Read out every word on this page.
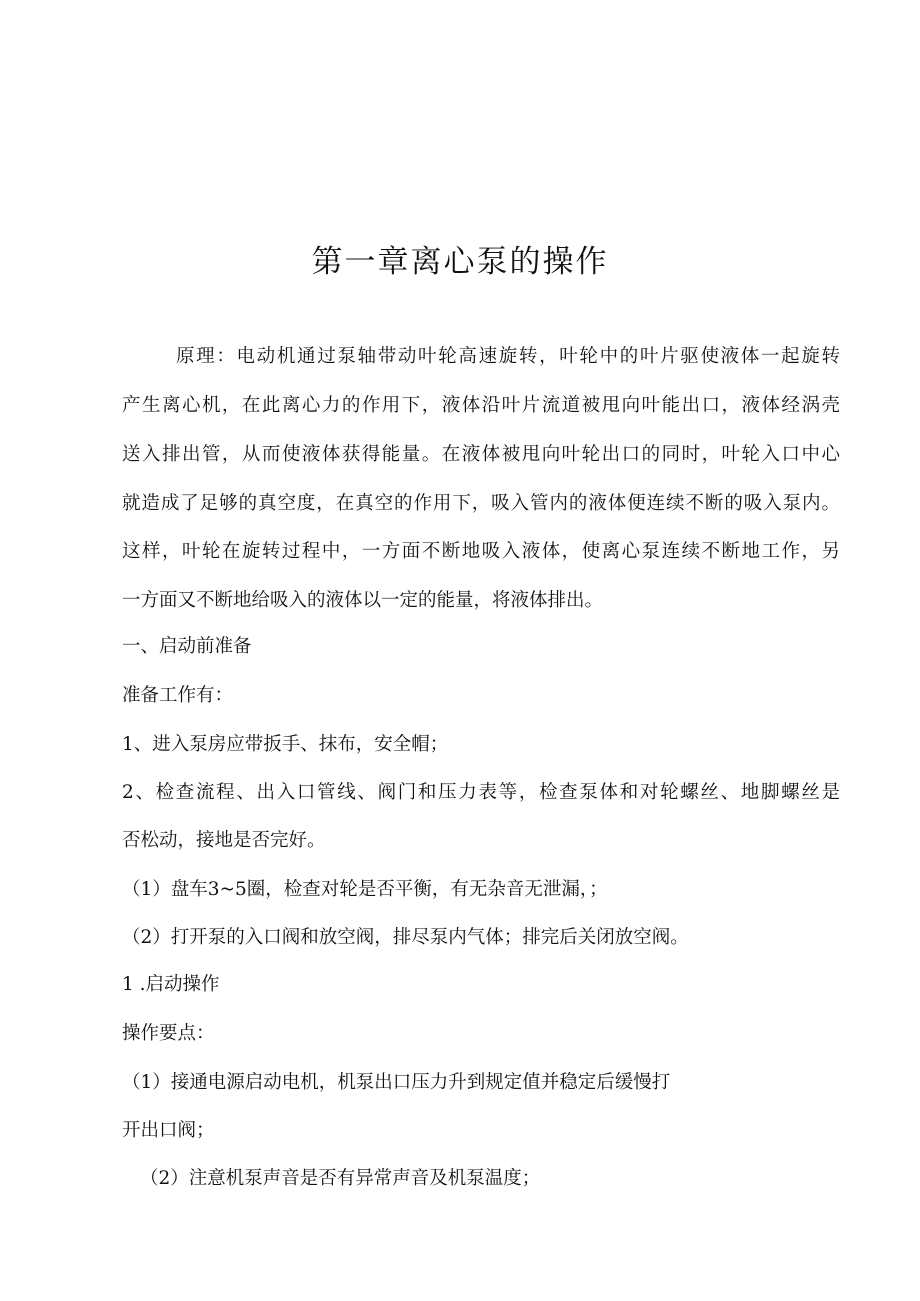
第一章离心泵的操作

原理：电动机通过泵轴带动叶轮高速旋转，叶轮中的叶片驱使液体一起旋转

产生离心机，在此离心力的作用下，液体沿叶片流道被甩向叶能出口，液体经涡壳

送入排出管，从而使液体获得能量。在液体被甩向叶轮出口的同时，叶轮入口中心

就造成了足够的真空度，在真空的作用下，吸入管内的液体便连续不断的吸入泵内。

这样，叶轮在旋转过程中，一方面不断地吸入液体，使离心泵连续不断地工作，另

一方面又不断地给吸入的液体以一定的能量，将液体排出。

一、启动前准备

准备工作有：

1、进入泵房应带扳手、抹布，安全帽；

2、检查流程、出入口管线、阀门和压力表等，检查泵体和对轮螺丝、地脚螺丝是

否松动，接地是否完好。

（1）盘车3~5圈，检查对轮是否平衡，有无杂音无泄漏，；

（2）打开泵的入口阀和放空阀，排尽泵内气体；排完后关闭放空阀。

1 .启动操作

操作要点：

（1）接通电源启动电机，机泵出口压力升到规定值并稳定后缓慢打

开出口阀；

（2）注意机泵声音是否有异常声音及机泵温度；
